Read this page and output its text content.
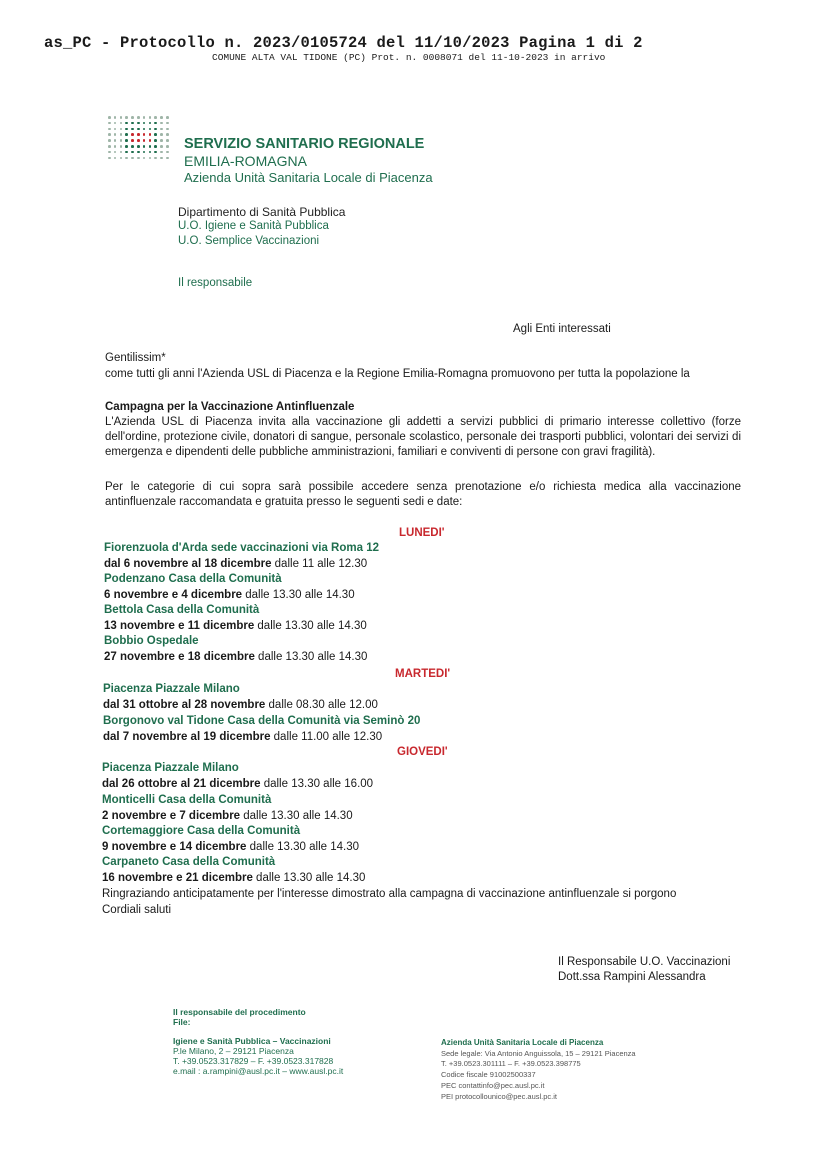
as_PC - Protocollo n. 2023/0105724 del 11/10/2023 Pagina 1 di 2
COMUNE ALTA VAL TIDONE (PC) Prot. n. 0008071 del 11-10-2023 in arrivo
SERVIZIO SANITARIO REGIONALE
EMILIA-ROMAGNA
Azienda Unità Sanitaria Locale di Piacenza
Dipartimento di Sanità Pubblica
U.O. Igiene e Sanità Pubblica
U.O. Semplice Vaccinazioni
Il responsabile
Agli Enti interessati
Gentilissim*
come tutti gli anni l'Azienda USL di Piacenza e la Regione Emilia-Romagna promuovono per tutta la popolazione la
Campagna per la Vaccinazione Antinfluenzale
L'Azienda USL di Piacenza invita alla vaccinazione gli addetti a servizi pubblici di primario interesse collettivo (forze dell'ordine, protezione civile, donatori di sangue, personale scolastico, personale dei trasporti pubblici, volontari dei servizi di emergenza e dipendenti delle pubbliche amministrazioni, familiari e conviventi di persone con gravi fragilità).
Per le categorie di cui sopra sarà possibile accedere senza prenotazione e/o richiesta medica alla vaccinazione antinfluenzale raccomandata e gratuita presso le seguenti sedi e date:
LUNEDI'
Fiorenzuola d'Arda sede vaccinazioni via Roma 12
dal 6 novembre al 18 dicembre dalle 11 alle 12.30
Podenzano Casa della Comunità
6 novembre e 4 dicembre dalle 13.30 alle 14.30
Bettola Casa della Comunità
13 novembre e 11 dicembre dalle 13.30 alle 14.30
Bobbio Ospedale
27 novembre e 18 dicembre dalle 13.30 alle 14.30
MARTEDI'
Piacenza Piazzale Milano
dal 31 ottobre al 28 novembre dalle 08.30 alle 12.00
Borgonovo val Tidone Casa della Comunità via Seminò 20
dal 7 novembre al 19 dicembre dalle 11.00 alle 12.30
GIOVEDI'
Piacenza Piazzale Milano
dal 26 ottobre al 21 dicembre dalle 13.30 alle 16.00
Monticelli Casa della Comunità
2 novembre e 7 dicembre dalle 13.30 alle 14.30
Cortemaggiore Casa della Comunità
9 novembre e 14 dicembre dalle 13.30 alle 14.30
Carpaneto Casa della Comunità
16 novembre e 21 dicembre dalle 13.30 alle 14.30
Ringraziando anticipatamente per l'interesse dimostrato alla campagna di vaccinazione antinfluenzale si porgono
Cordiali saluti
Il Responsabile U.O. Vaccinazioni
Dott.ssa Rampini Alessandra
Il responsabile del procedimento
File:
Igiene e Sanità Pubblica – Vaccinazioni
P.le Milano, 2 – 29121 Piacenza
T. +39.0523.317829 – F. +39.0523.317828
e.mail : a.rampini@ausl.pc.it – www.ausl.pc.it
Azienda Unità Sanitaria Locale di Piacenza
Sede legale: Via Antonio Anguissola, 15 – 29121 Piacenza
T. +39.0523.301111 – F. +39.0523.398775
Codice fiscale 91002500337
PEC contattinfo@pec.ausl.pc.it
PEI protocollounico@pec.ausl.pc.it
